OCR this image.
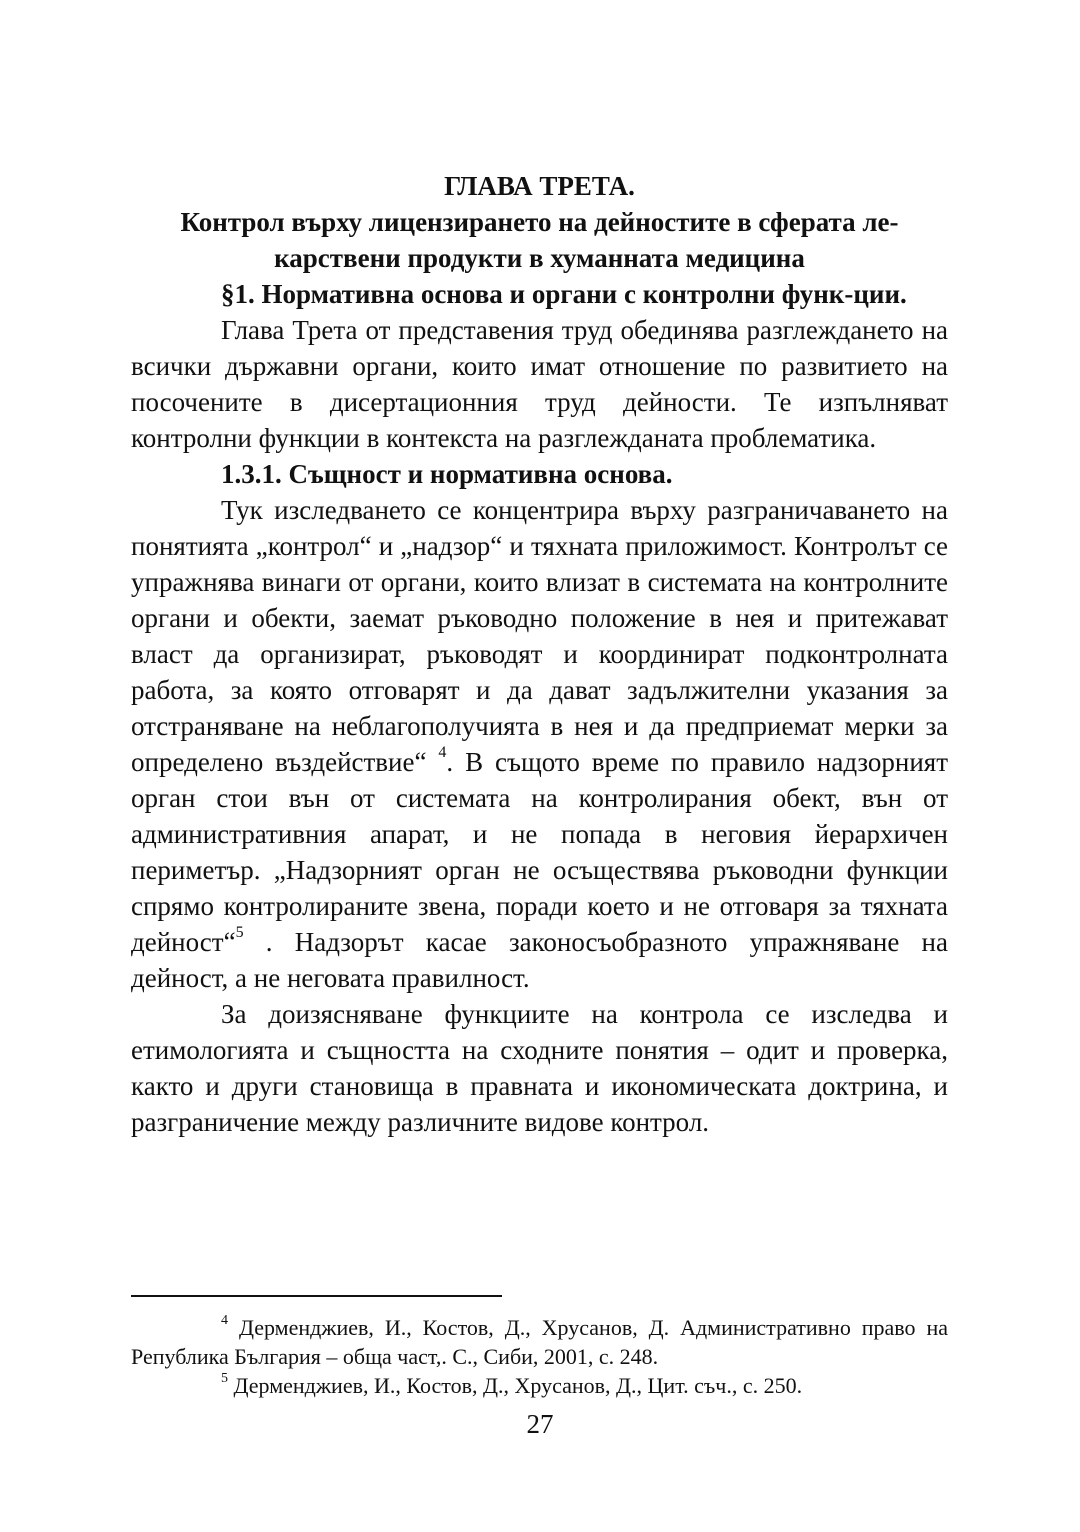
ГЛАВА ТРЕТА.
Контрол върху лицензирането на дейностите в сферата ле-
карствени продукти в хуманната медицина
§1. Нормативна основа и органи с контролни функ-ции.

Глава Трета от представения труд обединява разглеждането на всички държавни органи, които имат отношение по развитието на посочените в дисертационния труд дейности. Те изпълняват контролни функции в контекста на разглежданата проблематика.

1.3.1. Същност и нормативна основа.

Тук изследването се концентрира върху разграничаването на понятията „контрол“ и „надзор“ и тяхната приложимост. Контролът се упражнява винаги от органи, които влизат в системата на контролните органи и обекти, заемат ръководно положение в нея и притежават власт да организират, ръководят и координират подконтролната работа, за която отговарят и да дават задължителни указания за отстраняване на неблагополучията в нея и да предприемат мерки за определено въздействие“ $^4$. В същото време по правило надзорният орган стои вън от системата на контролирания обект, вън от административния апарат, и не попада в неговия йерархичен периметър. „Надзорният орган не осъществява ръководни функции спрямо контролираните звена, поради което и не отговаря за тяхната дейност“$^5$ . Надзорът касае законосъобразното упражняване на дейност, а не неговата правилност.

За доизясняване функциите на контрола се изследва и етимологията и същността на сходните понятия – одит и проверка, както и други становища в правната и икономическата доктрина, и разграничение между различните видове контрол.

$^4$ Дерменджиев, И., Костов, Д., Хрусанов, Д. Административно право на Република България – обща част,. С., Сиби, 2001, с. 248.

$^5$ Дерменджиев, И., Костов, Д., Хрусанов, Д., Цит. съч., с. 250.

27
